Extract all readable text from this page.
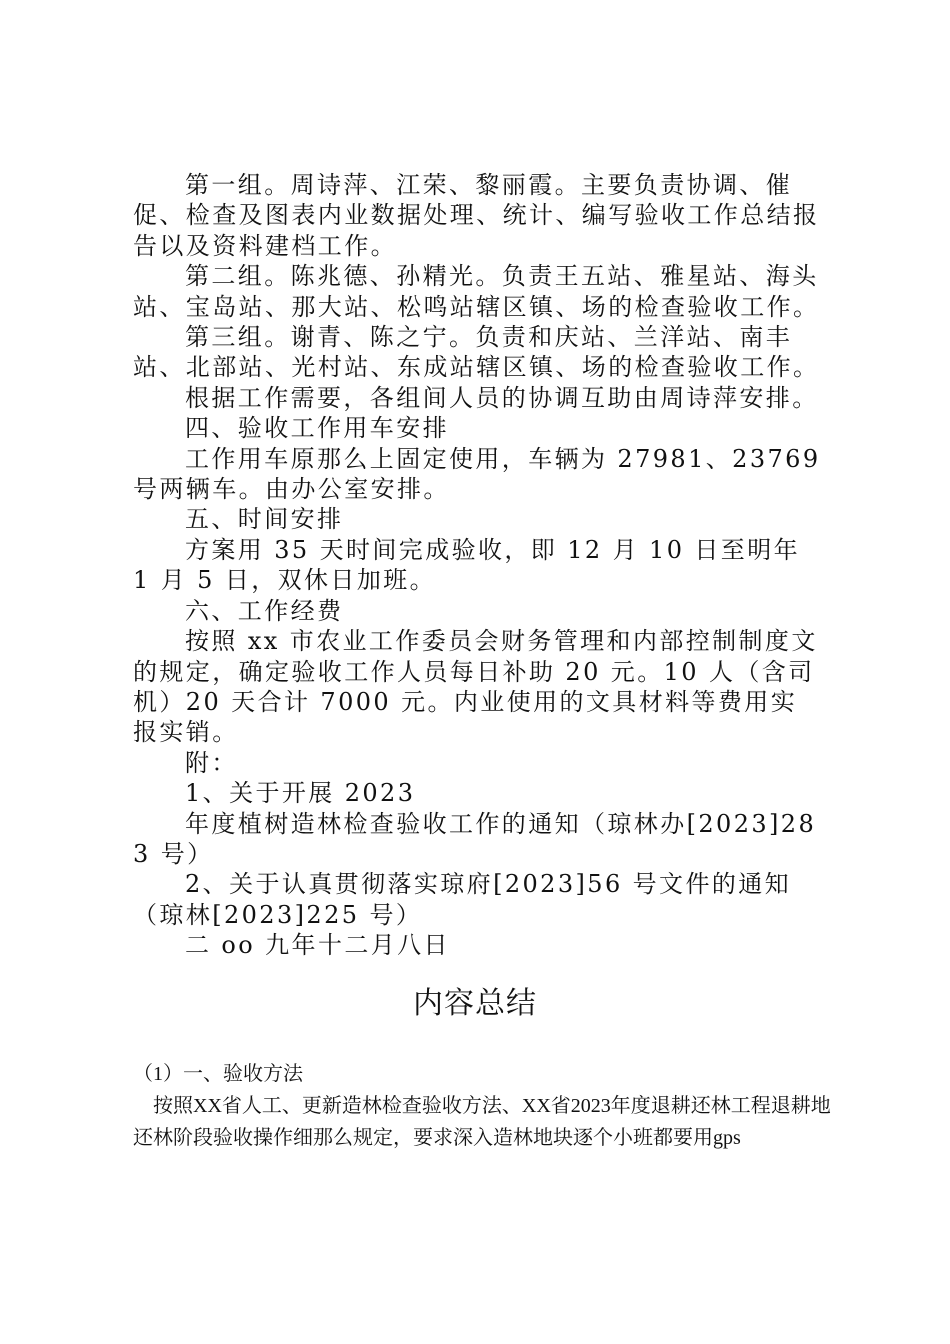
第一组。周诗萍、江荣、黎丽霞。主要负责协调、催促、检查及图表内业数据处理、统计、编写验收工作总结报告以及资料建档工作。

第二组。陈兆德、孙精光。负责王五站、雅星站、海头站、宝岛站、那大站、松鸣站辖区镇、场的检查验收工作。

第三组。谢青、陈之宁。负责和庆站、兰洋站、南丰站、北部站、光村站、东成站辖区镇、场的检查验收工作。

根据工作需要，各组间人员的协调互助由周诗萍安排。

四、验收工作用车安排

工作用车原那么上固定使用，车辆为 27981、23769 号两辆车。由办公室安排。

五、时间安排

方案用 35 天时间完成验收，即 12 月 10 日至明年 1 月 5 日，双休日加班。

六、工作经费

按照 xx 市农业工作委员会财务管理和内部控制制度文的规定，确定验收工作人员每日补助 20 元。10 人（含司机）20 天合计 7000 元。内业使用的文具材料等费用实报实销。

附：

1、关于开展 2023

年度植树造林检查验收工作的通知（琼林办[2023]283 号）

2、关于认真贯彻落实琼府[2023]56 号文件的通知（琼林[2023]225 号）

二 oo 九年十二月八日

内容总结

（1）一、验收方法

按照XX省人工、更新造林检查验收方法、XX省2023年度退耕还林工程退耕地还林阶段验收操作细那么规定，要求深入造林地块逐个小班都要用gps
